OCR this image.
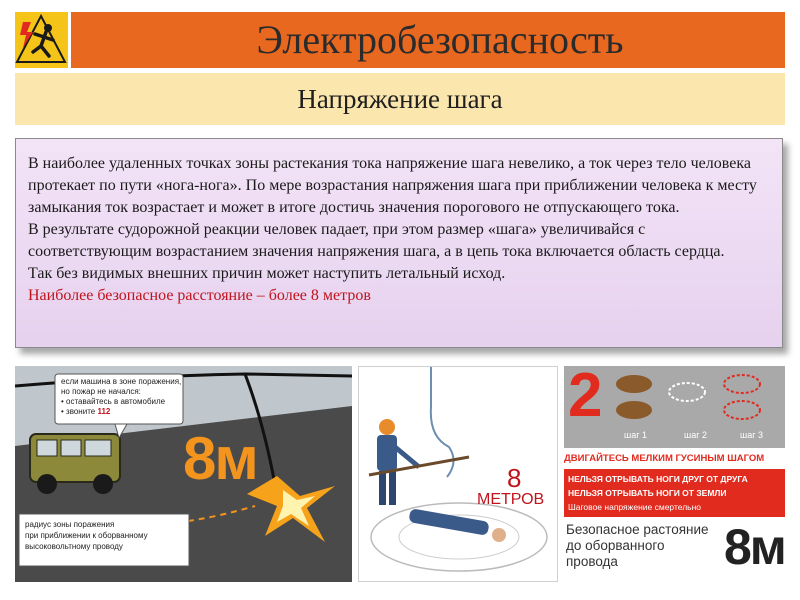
Электробезопасность
Напряжение шага

В наиболее удаленных точках зоны растекания тока напряжение шага невелико, а ток через тело человека протекает по пути «нога-нога». По мере возрастания напряжения шага при приближении человека к месту замыкания ток возрастает и может в итоге достичь значения порогового не отпускающего тока.

В результате судорожной реакции человек падает, при этом размер «шага» увеличивайся с соответствующим возрастанием значения напряжения шага, а в цепь тока включается область сердца.

Так без видимых внешних причин может наступить летальный исход.

Наиболее безопасное расстояние – более 8 метров

если машина в зоне поражения,
но пожар не начался:
• оставайтесь в автомобиле
• звоните 112
8м
радиус зоны поражения
при приближении к оборванному
высоковольтному проводу
8
МЕТРОВ
2
шаг 1	шаг 2	шаг 3
ДВИГАЙТЕСЬ МЕЛКИМ ГУСИНЫМ ШАГОМ
НЕЛЬЗЯ ОТРЫВАТЬ НОГИ ДРУГ ОТ ДРУГА
НЕЛЬЗЯ ОТРЫВАТЬ НОГИ ОТ ЗЕМЛИ
Шаговое напряжение смертельно
Безопасное растояние
до оборванного
провода	8м
